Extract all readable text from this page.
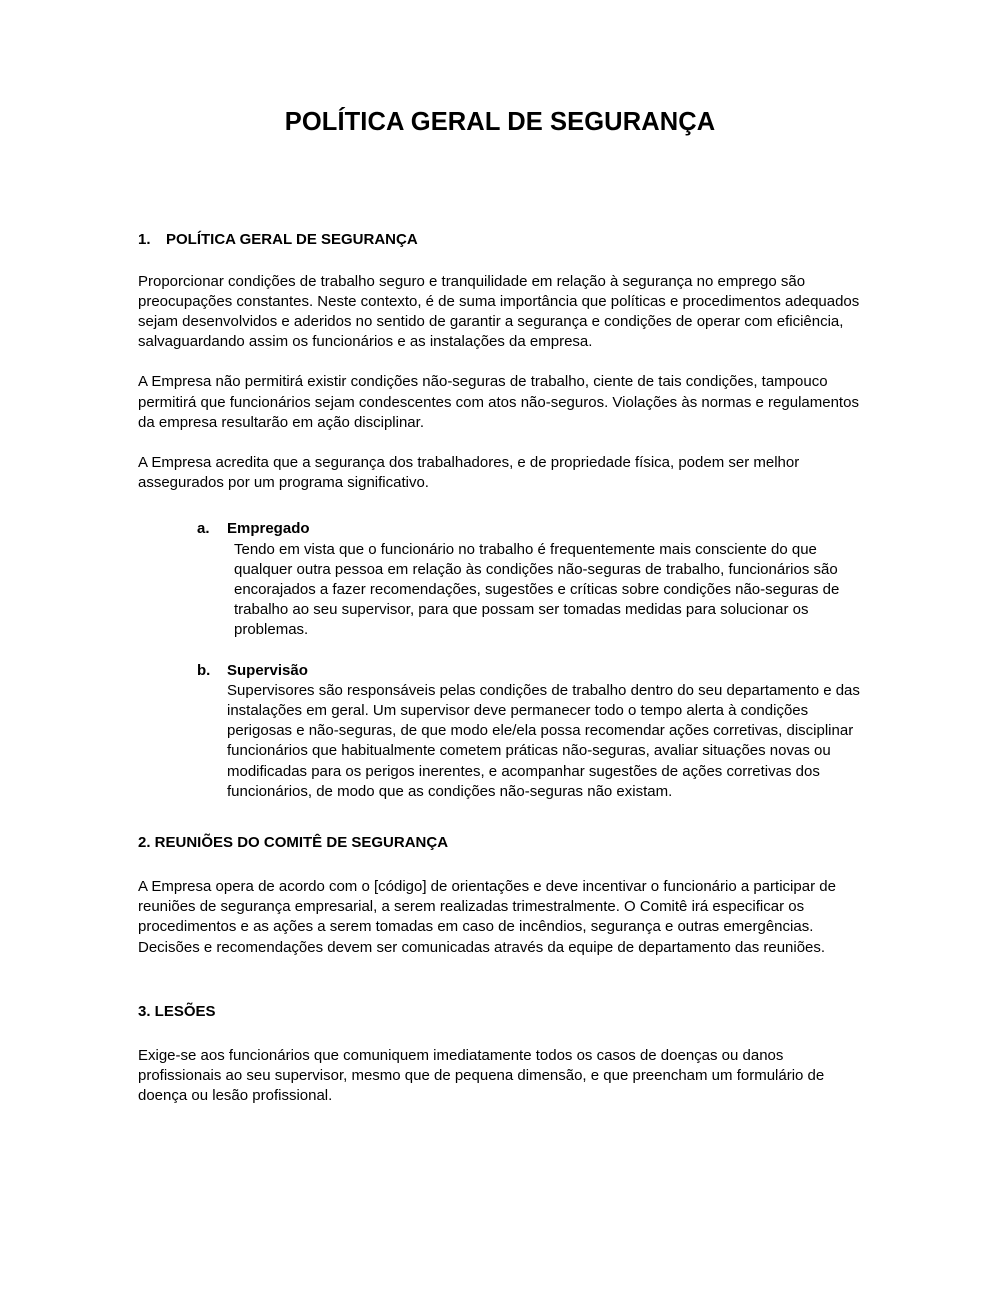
POLÍTICA GERAL DE SEGURANÇA
1. POLÍTICA GERAL DE SEGURANÇA

Proporcionar condições de trabalho seguro e tranquilidade em relação à segurança no emprego são preocupações constantes. Neste contexto, é de suma importância que políticas e procedimentos adequados sejam desenvolvidos e aderidos no sentido de garantir a segurança e condições de operar com eficiência, salvaguardando assim os funcionários e as instalações da empresa.

A Empresa não permitirá existir condições não-seguras de trabalho, ciente de tais condições, tampouco permitirá que funcionários sejam condescentes com atos não-seguros. Violações às normas e regulamentos da empresa resultarão em ação disciplinar.

A Empresa acredita que a segurança dos trabalhadores, e de propriedade física, podem ser melhor assegurados por um programa significativo.

a. Empregado
Tendo em vista que o funcionário no trabalho é frequentemente mais consciente do que qualquer outra pessoa em relação às condições não-seguras de trabalho, funcionários são encorajados a fazer recomendações, sugestões e críticas sobre condições não-seguras de trabalho ao seu supervisor, para que possam ser tomadas medidas para solucionar os problemas.
b. Supervisão
Supervisores são responsáveis pelas condições de trabalho dentro do seu departamento e das instalações em geral. Um supervisor deve permanecer todo o tempo alerta à condições perigosas e não-seguras, de que modo ele/ela possa recomendar ações corretivas, disciplinar funcionários que habitualmente cometem práticas não-seguras, avaliar situações novas ou modificadas para os perigos inerentes, e acompanhar sugestões de ações corretivas dos funcionários, de modo que as condições não-seguras não existam.
2. REUNIÕES DO COMITÊ DE SEGURANÇA

A Empresa opera de acordo com o [código] de orientações e deve incentivar o funcionário a participar de reuniões de segurança empresarial, a serem realizadas trimestralmente. O Comitê irá especificar os procedimentos e as ações a serem tomadas em caso de incêndios, segurança e outras emergências. Decisões e recomendações devem ser comunicadas através da equipe de departamento das reuniões.

3. LESÕES

Exige-se aos funcionários que comuniquem imediatamente todos os casos de doenças ou danos profissionais ao seu supervisor, mesmo que de pequena dimensão, e que preencham um formulário de doença ou lesão profissional.
